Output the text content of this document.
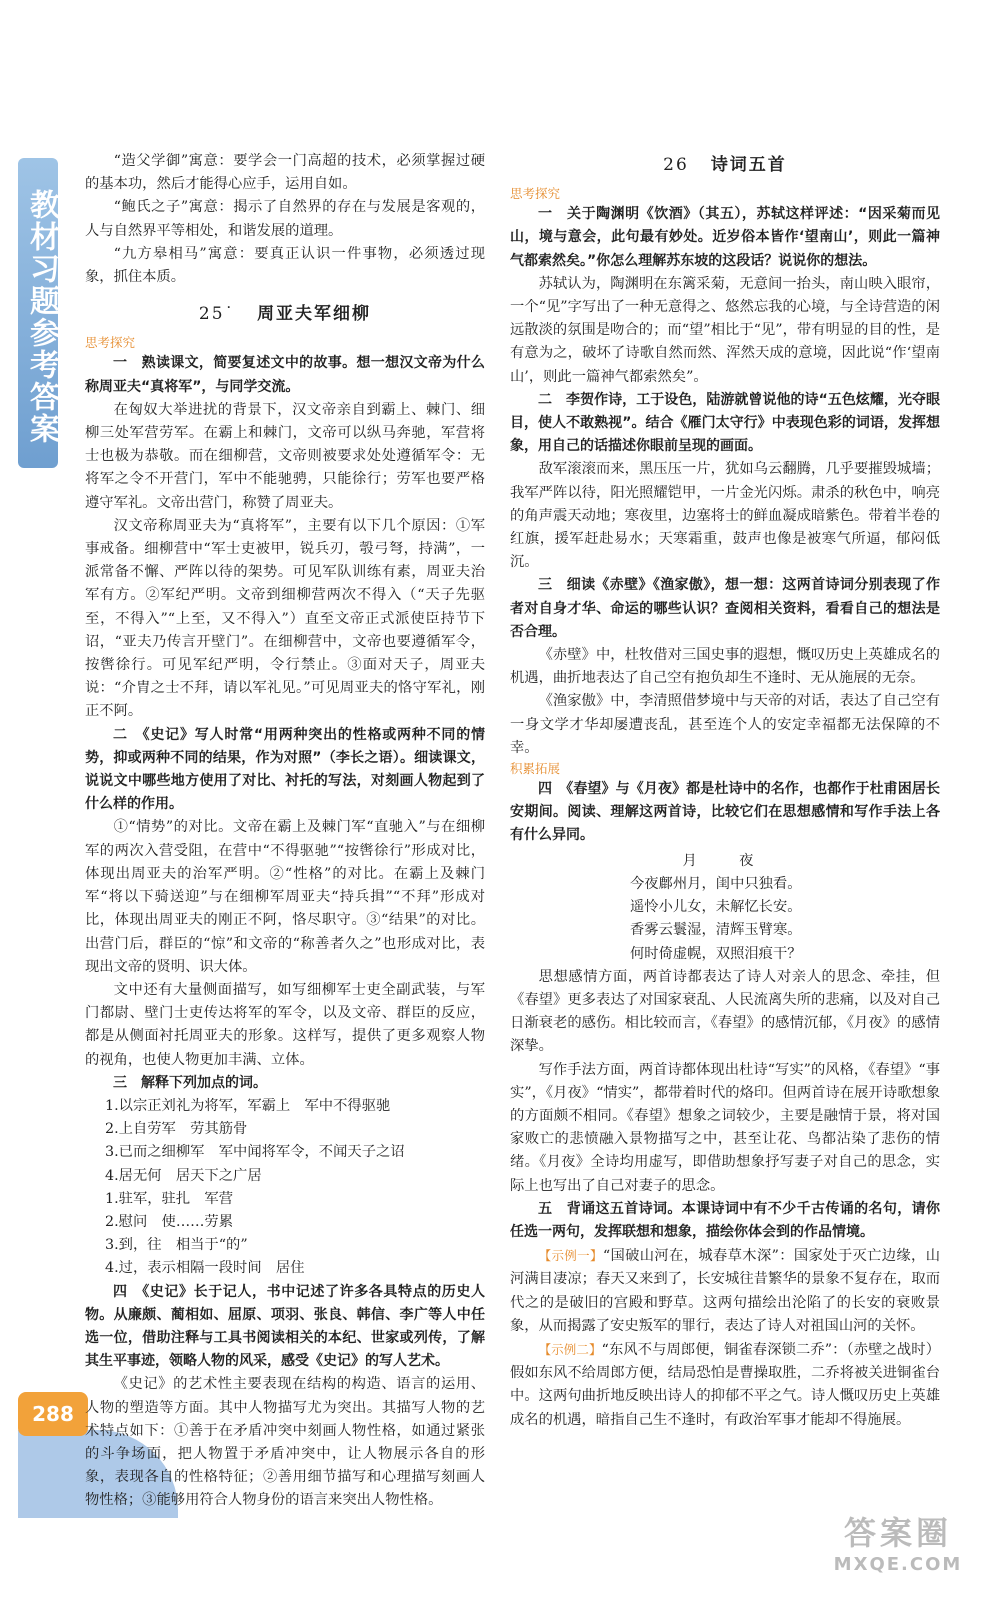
教材习题参考答案
288

“造父学御”寓意：要学会一门高超的技术，必须掌握过硬的基本功，然后才能得心应手，运用自如。

“鲍氏之子”寓意：揭示了自然界的存在与发展是客观的，人与自然界平等相处，和谐发展的道理。

“九方皋相马”寓意：要真正认识一件事物，必须透过现象，抓住本质。

25˙ 周亚夫军细柳
思考探究

一　熟读课文，简要复述文中的故事。想一想汉文帝为什么称周亚夫“真将军”，与同学交流。

在匈奴大举进扰的背景下，汉文帝亲自到霸上、棘门、细柳三处军营劳军。在霸上和棘门，文帝可以纵马奔驰，军营将士也极为恭敬。而在细柳营，文帝则被要求处处遵循军令：无将军之令不开营门，军中不能驰骋，只能徐行；劳军也要严格遵守军礼。文帝出营门，称赞了周亚夫。

汉文帝称周亚夫为“真将军”，主要有以下几个原因：①军事戒备。细柳营中“军士吏被甲，锐兵刃，彀弓弩，持满”，一派常备不懈、严阵以待的架势。可见军队训练有素，周亚夫治军有方。②军纪严明。文帝到细柳营两次不得入（“天子先驱至，不得入”“上至，又不得入”）直至文帝正式派使臣持节下诏，“亚夫乃传言开壁门”。在细柳营中，文帝也要遵循军令，按辔徐行。可见军纪严明，令行禁止。③面对天子，周亚夫说：“介胄之士不拜，请以军礼见。”可见周亚夫的恪守军礼，刚正不阿。

二　《史记》写人时常“用两种突出的性格或两种不同的情势，抑或两种不同的结果，作为对照”（李长之语）。细读课文，说说文中哪些地方使用了对比、衬托的写法，对刻画人物起到了什么样的作用。

①“情势”的对比。文帝在霸上及棘门军“直驰入”与在细柳军的两次入营受阻，在营中“不得驱驰”“按辔徐行”形成对比，体现出周亚夫的治军严明。②“性格”的对比。在霸上及棘门军“将以下骑送迎”与在细柳军周亚夫“持兵揖”“不拜”形成对比，体现出周亚夫的刚正不阿，恪尽职守。③“结果”的对比。出营门后，群臣的“惊”和文帝的“称善者久之”也形成对比，表现出文帝的贤明、识大体。

文中还有大量侧面描写，如写细柳军士吏全副武装，与军门都尉、壁门士吏传达将军的军令，以及文帝、群臣的反应，都是从侧面衬托周亚夫的形象。这样写，提供了更多观察人物的视角，也使人物更加丰满、立体。

三　解释下列加点的词。

1.以宗正刘礼为将军，军霸上　军中不得驱驰

2.上自劳军　劳其筋骨

3.已而之细柳军　军中闻将军令，不闻天子之诏

4.居无何　居天下之广居

1.驻军，驻扎　军营

2.慰问　使……劳累

3.到，往　相当于“的”

4.过，表示相隔一段时间　居住

四　《史记》长于记人，书中记述了许多各具特点的历史人物。从廉颇、蔺相如、屈原、项羽、张良、韩信、李广等人中任选一位，借助注释与工具书阅读相关的本纪、世家或列传，了解其生平事迹，领略人物的风采，感受《史记》的写人艺术。

《史记》的艺术性主要表现在结构的构造、语言的运用、人物的塑造等方面。其中人物描写尤为突出。其描写人物的艺术特点如下：①善于在矛盾冲突中刻画人物性格，如通过紧张的斗争场面，把人物置于矛盾冲突中，让人物展示各自的形象，表现各自的性格特征；②善用细节描写和心理描写刻画人物性格；③能够用符合人物身份的语言来突出人物性格。

26 诗词五首
思考探究

一　关于陶渊明《饮酒》（其五），苏轼这样评述：“因采菊而见山，境与意会，此句最有妙处。近岁俗本皆作‘望南山’，则此一篇神气都索然矣。”你怎么理解苏东坡的这段话？说说你的想法。

苏轼认为，陶渊明在东篱采菊，无意间一抬头，南山映入眼帘，一个“见”字写出了一种无意得之、悠然忘我的心境，与全诗营造的闲远散淡的氛围是吻合的；而“望”相比于“见”，带有明显的目的性，是有意为之，破坏了诗歌自然而然、浑然天成的意境，因此说“作‘望南山’，则此一篇神气都索然矣”。

二　李贺作诗，工于设色，陆游就曾说他的诗“五色炫耀，光夺眼目，使人不敢熟视”。结合《雁门太守行》中表现色彩的词语，发挥想象，用自己的话描述你眼前呈现的画面。

敌军滚滚而来，黑压压一片，犹如乌云翻腾，几乎要摧毁城墙；我军严阵以待，阳光照耀铠甲，一片金光闪烁。肃杀的秋色中，响亮的角声震天动地；寒夜里，边塞将士的鲜血凝成暗紫色。带着半卷的红旗，援军赶赴易水；天寒霜重，鼓声也像是被寒气所逼，郁闷低沉。

三　细读《赤壁》《渔家傲》，想一想：这两首诗词分别表现了作者对自身才华、命运的哪些认识？查阅相关资料，看看自己的想法是否合理。

《赤壁》中，杜牧借对三国史事的遐想，慨叹历史上英雄成名的机遇，曲折地表达了自己空有抱负却生不逢时、无从施展的无奈。

《渔家傲》中，李清照借梦境中与天帝的对话，表达了自己空有一身文学才华却屡遭丧乱，甚至连个人的安定幸福都无法保障的不幸。

积累拓展

四　《春望》与《月夜》都是杜诗中的名作，也都作于杜甫困居长安期间。阅读、理解这两首诗，比较它们在思想感情和写作手法上各有什么异同。

月　夜
今夜鄜州月，闺中只独看。
遥怜小儿女，未解忆长安。
香雾云鬟湿，清辉玉臂寒。
何时倚虚幌，双照泪痕干？

思想感情方面，两首诗都表达了诗人对亲人的思念、牵挂，但《春望》更多表达了对国家衰乱、人民流离失所的悲痛，以及对自己日渐衰老的感伤。相比较而言，《春望》的感情沉郁，《月夜》的感情深挚。

写作手法方面，两首诗都体现出杜诗“写实”的风格，《春望》“事实”，《月夜》“情实”，都带着时代的烙印。但两首诗在展开诗歌想象的方面颇不相同。《春望》想象之词较少，主要是融情于景，将对国家败亡的悲愤融入景物描写之中，甚至让花、鸟都沾染了悲伤的情绪。《月夜》全诗均用虚写，即借助想象抒写妻子对自己的思念，实际上也写出了自己对妻子的思念。

五　背诵这五首诗词。本课诗词中有不少千古传诵的名句，请你任选一两句，发挥联想和想象，描绘你体会到的作品情境。

【示例一】“国破山河在，城春草木深”：国家处于灭亡边缘，山河满目凄凉；春天又来到了，长安城往昔繁华的景象不复存在，取而代之的是破旧的宫殿和野草。这两句描绘出沦陷了的长安的衰败景象，从而揭露了安史叛军的罪行，表达了诗人对祖国山河的关怀。

【示例二】“东风不与周郎便，铜雀春深锁二乔”：（赤壁之战时）假如东风不给周郎方便，结局恐怕是曹操取胜，二乔将被关进铜雀台中。这两句曲折地反映出诗人的抑郁不平之气。诗人慨叹历史上英雄成名的机遇，暗指自己生不逢时，有政治军事才能却不得施展。

答案圈
MXQE.COM
